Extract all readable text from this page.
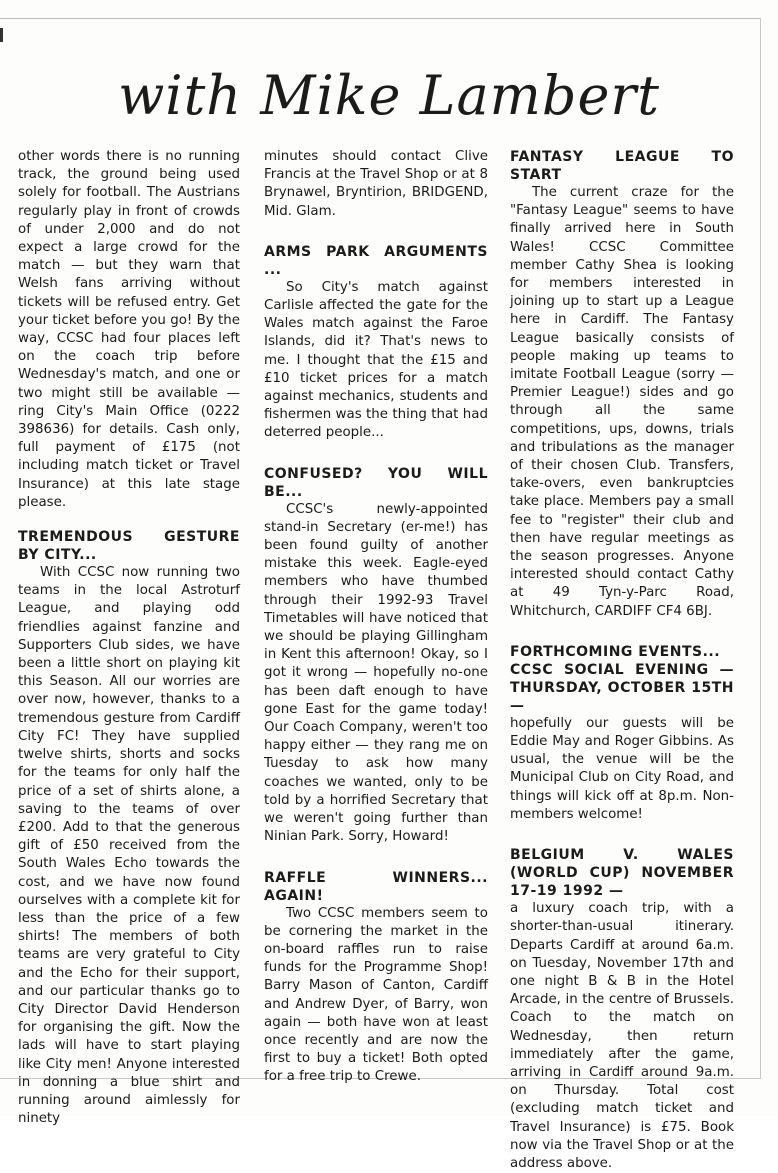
with Mike Lambert

other words there is no running track, the ground being used solely for football. The Austrians regularly play in front of crowds of under 2,000 and do not expect a large crowd for the match — but they warn that Welsh fans arriving without tickets will be refused entry. Get your ticket before you go! By the way, CCSC had four places left on the coach trip before Wednesday's match, and one or two might still be available — ring City's Main Office (0222 398636) for details. Cash only, full payment of £175 (not including match ticket or Travel Insurance) at this late stage please.

TREMENDOUS GESTURE BY CITY...

With CCSC now running two teams in the local Astroturf League, and playing odd friendlies against fanzine and Supporters Club sides, we have been a little short on playing kit this Season. All our worries are over now, however, thanks to a tremendous gesture from Cardiff City FC! They have supplied twelve shirts, shorts and socks for the teams for only half the price of a set of shirts alone, a saving to the teams of over £200. Add to that the generous gift of £50 received from the South Wales Echo towards the cost, and we have now found ourselves with a complete kit for less than the price of a few shirts! The members of both teams are very grateful to City and the Echo for their support, and our particular thanks go to City Director David Henderson for organising the gift. Now the lads will have to start playing like City men! Anyone interested in donning a blue shirt and running around aimlessly for ninety

minutes should contact Clive Francis at the Travel Shop or at 8 Brynawel, Bryntirion, BRIDGEND, Mid. Glam.

ARMS PARK ARGUMENTS ...

So City's match against Carlisle affected the gate for the Wales match against the Faroe Islands, did it? That's news to me. I thought that the £15 and £10 ticket prices for a match against mechanics, students and fishermen was the thing that had deterred people...

CONFUSED? YOU WILL BE...

CCSC's newly-appointed stand-in Secretary (er-me!) has been found guilty of another mistake this week. Eagle-eyed members who have thumbed through their 1992-93 Travel Timetables will have noticed that we should be playing Gillingham in Kent this afternoon! Okay, so I got it wrong — hopefully no-one has been daft enough to have gone East for the game today! Our Coach Company, weren't too happy either — they rang me on Tuesday to ask how many coaches we wanted, only to be told by a horrified Secretary that we weren't going further than Ninian Park. Sorry, Howard!

RAFFLE WINNERS... AGAIN!

Two CCSC members seem to be cornering the market in the on-board raffles run to raise funds for the Programme Shop! Barry Mason of Canton, Cardiff and Andrew Dyer, of Barry, won again — both have won at least once recently and are now the first to buy a ticket! Both opted for a free trip to Crewe.

FANTASY LEAGUE TO START

The current craze for the "Fantasy League" seems to have finally arrived here in South Wales! CCSC Committee member Cathy Shea is looking for members interested in joining up to start up a League here in Cardiff. The Fantasy League basically consists of people making up teams to imitate Football League (sorry — Premier League!) sides and go through all the same competitions, ups, downs, trials and tribulations as the manager of their chosen Club. Transfers, take-overs, even bankruptcies take place. Members pay a small fee to "register" their club and then have regular meetings as the season progresses. Anyone interested should contact Cathy at 49 Tyn-y-Parc Road, Whitchurch, CARDIFF CF4 6BJ.

FORTHCOMING EVENTS...
CCSC SOCIAL EVENING — THURSDAY, OCTOBER 15TH —

hopefully our guests will be Eddie May and Roger Gibbins. As usual, the venue will be the Municipal Club on City Road, and things will kick off at 8p.m. Non-members welcome!

BELGIUM V. WALES (WORLD CUP) NOVEMBER 17-19 1992 —

a luxury coach trip, with a shorter-than-usual itinerary. Departs Cardiff at around 6a.m. on Tuesday, November 17th and one night B & B in the Hotel Arcade, in the centre of Brussels. Coach to the match on Wednesday, then return immediately after the game, arriving in Cardiff around 9a.m. on Thursday. Total cost (excluding match ticket and Travel Insurance) is £75. Book now via the Travel Shop or at the address above.
